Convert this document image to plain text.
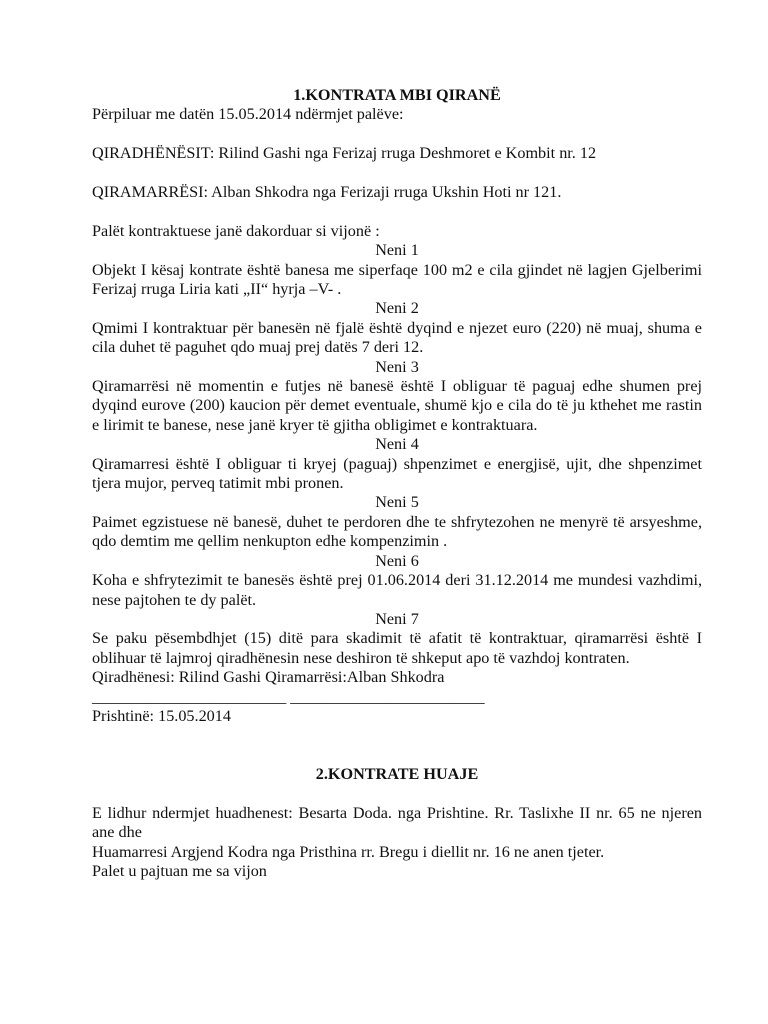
1.KONTRATA MBI QIRANË

Përpiluar me datën 15.05.2014 ndërmjet palëve:

QIRADHËNËSIT: Rilind Gashi nga Ferizaj rruga Deshmoret e Kombit nr. 12

QIRAMARRËSI: Alban Shkodra nga Ferizaji rruga Ukshin Hoti nr 121.

Palët kontraktuese janë dakorduar si vijonë :

Neni 1

Objekt I kësaj kontrate është banesa me siperfaqe 100 m2 e cila gjindet në lagjen Gjelberimi Ferizaj rruga Liria kati „II“ hyrja –V- .

Neni 2

Qmimi I kontraktuar për banesën në fjalë është dyqind e njezet euro (220) në muaj, shuma e cila duhet të paguhet qdo muaj prej datës 7 deri 12.

Neni 3

Qiramarrësi në momentin e futjes në banesë është I obliguar të paguaj edhe shumen prej dyqind eurove (200) kaucion për demet eventuale, shumë kjo e cila do të ju kthehet me rastin e lirimit te banese, nese janë kryer të gjitha obligimet e kontraktuara.

Neni 4

Qiramarresi është I obliguar ti kryej (paguaj) shpenzimet e energjisë, ujit, dhe shpenzimet tjera mujor, perveq tatimit mbi pronen.

Neni 5

Paimet egzistuese në banesë, duhet te perdoren dhe te shfrytezohen ne menyrë të arsyeshme, qdo demtim me qellim nenkupton edhe kompenzimin .

Neni 6

Koha e shfrytezimit te banesës është prej 01.06.2014 deri 31.12.2014 me mundesi vazhdimi, nese pajtohen te dy palët.

Neni 7

Se paku pësembdhjet (15) ditë para skadimit të afatit të kontraktuar, qiramarrësi është I oblihuar të lajmroj qiradhënesin nese deshiron të shkeput apo të vazhdoj kontraten.

Qiradhënesi: Rilind Gashi Qiramarrësi:Alban Shkodra

________________________ ________________________

Prishtinë: 15.05.2014

2.KONTRATE HUAJE

E lidhur ndermjet huadhenest: Besarta Doda. nga Prishtine. Rr. Taslixhe II nr. 65 ne njeren ane dhe

Huamarresi Argjend Kodra nga Pristhina rr. Bregu i diellit nr. 16 ne anen tjeter.

Palet u pajtuan me sa vijon
